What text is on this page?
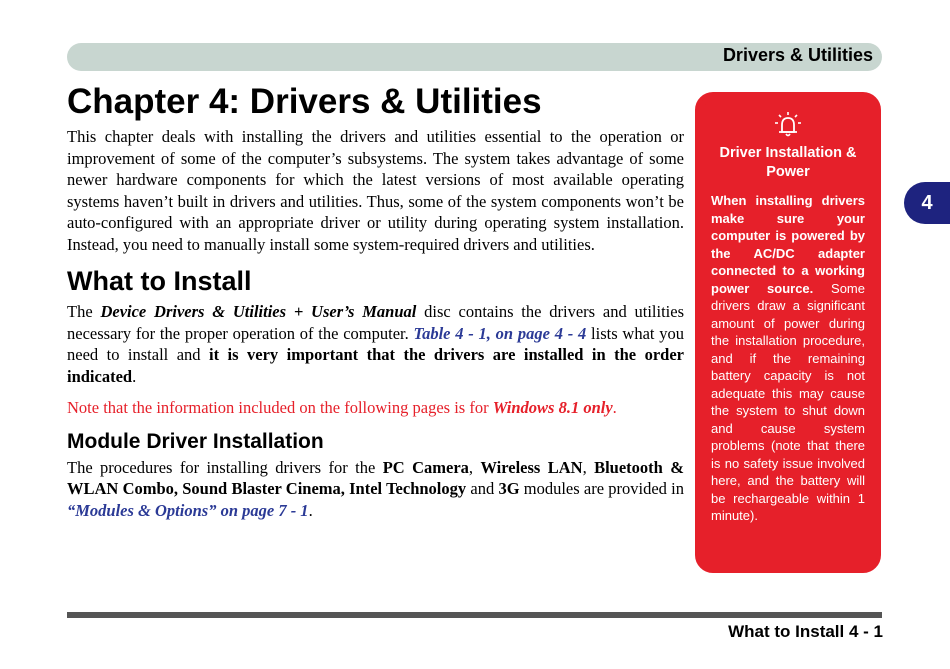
Drivers & Utilities
4
Chapter 4: Drivers & Utilities

This chapter deals with installing the drivers and utilities essential to the operation or improvement of some of the computer’s subsystems. The system takes advantage of some newer hardware components for which the latest versions of most available operating systems haven’t built in drivers and utilities. Thus, some of the system components won’t be auto-configured with an appropriate driver or utility during operating system installation. Instead, you need to manually install some system-required drivers and utilities.

What to Install

The Device Drivers & Utilities + User’s Manual disc contains the drivers and utilities necessary for the proper operation of the computer. Table 4 - 1, on page 4 - 4 lists what you need to install and it is very important that the drivers are installed in the order indicated.

Note that the information included on the following pages is for Windows 8.1 only.

Module Driver Installation

The procedures for installing drivers for the PC Camera, Wireless LAN, Bluetooth & WLAN Combo, Sound Blaster Cinema, Intel Technology and 3G modules are provided in “Modules & Options” on page 7 - 1.

Driver Installation & Power
When installing drivers make sure your computer is powered by the AC/DC adapter connected to a working power source. Some drivers draw a significant amount of power during the installation procedure, and if the remaining battery capacity is not adequate this may cause the system to shut down and cause system problems (note that there is no safety issue involved here, and the battery will be rechargeable within 1 minute).
What to Install 4 - 1
